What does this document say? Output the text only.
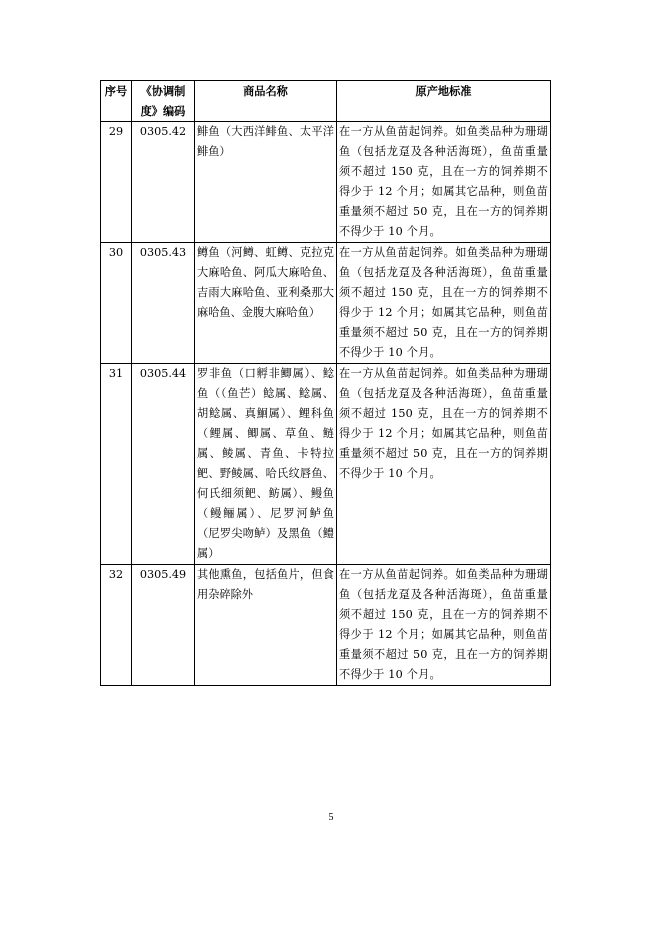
序号	《协调制度》编码	商品名称	原产地标准
29	0305.42	鲱鱼（大西洋鲱鱼、太平洋鲱鱼）	在一方从鱼苗起饲养。如鱼类品种为珊瑚鱼（包括龙趸及各种活海斑），鱼苗重量须不超过 150 克，且在一方的饲养期不得少于 12 个月；如属其它品种，则鱼苗重量须不超过 50 克，且在一方的饲养期不得少于 10 个月。
30	0305.43	鳟鱼（河鳟、虹鳟、克拉克大麻哈鱼、阿瓜大麻哈鱼、吉雨大麻哈鱼、亚利桑那大麻哈鱼、金腹大麻哈鱼）	在一方从鱼苗起饲养。如鱼类品种为珊瑚鱼（包括龙趸及各种活海斑），鱼苗重量须不超过 150 克，且在一方的饲养期不得少于 12 个月；如属其它品种，则鱼苗重量须不超过 50 克，且在一方的饲养期不得少于 10 个月。
31	0305.44	罗非鱼（口孵非鲫属）、鲶鱼（（鱼芒）鲶属、鲶属、胡鲶属、真鮰属）、鲤科鱼（鲤属、鲫属、草鱼、鲢属、鲮属、青鱼、卡特拉鲃、野鲮属、哈氏纹唇鱼、何氏细须鲃、鲂属）、鳗鱼（鳗鲡属）、尼罗河鲈鱼（尼罗尖吻鲈）及黑鱼（鳢属）	在一方从鱼苗起饲养。如鱼类品种为珊瑚鱼（包括龙趸及各种活海斑），鱼苗重量须不超过 150 克，且在一方的饲养期不得少于 12 个月；如属其它品种，则鱼苗重量须不超过 50 克，且在一方的饲养期不得少于 10 个月。
32	0305.49	其他熏鱼，包括鱼片，但食用杂碎除外	在一方从鱼苗起饲养。如鱼类品种为珊瑚鱼（包括龙趸及各种活海斑），鱼苗重量须不超过 150 克，且在一方的饲养期不得少于 12 个月；如属其它品种，则鱼苗重量须不超过 50 克，且在一方的饲养期不得少于 10 个月。
5
